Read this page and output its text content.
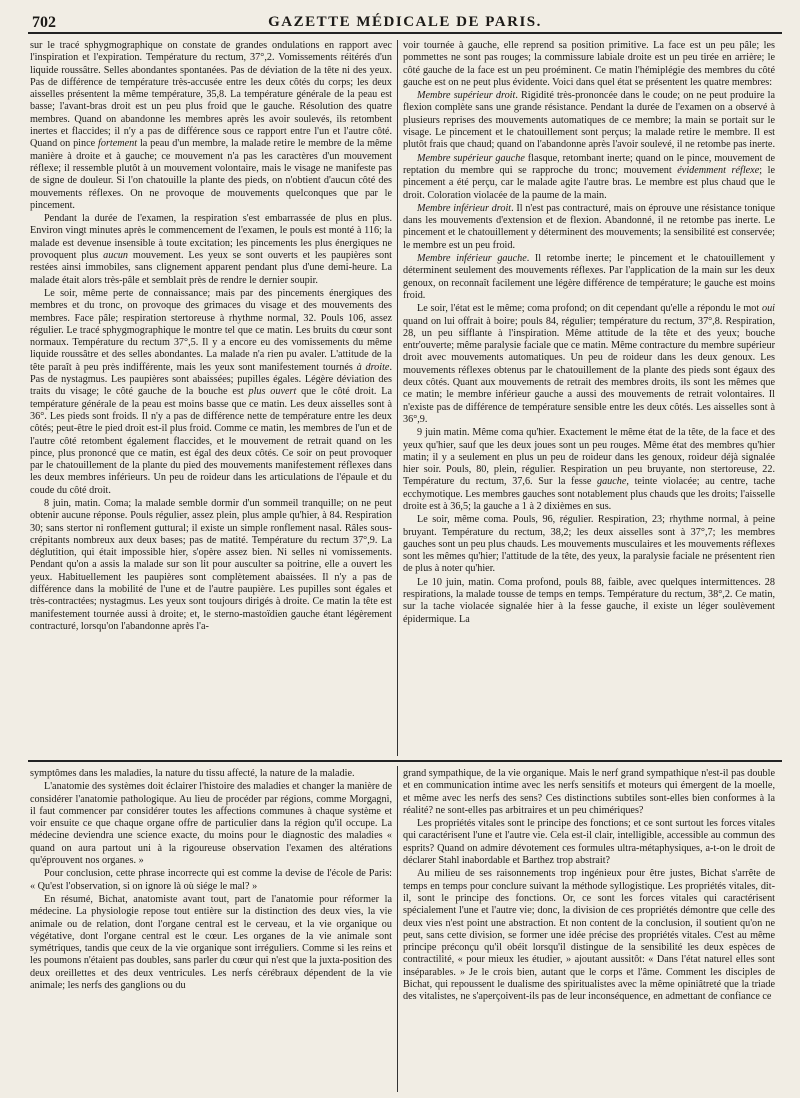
702	GAZETTE MÉDICALE DE PARIS.

sur le tracé sphygmographique on constate de grandes ondulations en rapport avec l'inspiration et l'expiration. Température du rectum, 37°,2. Vomissements réitérés d'un liquide roussâtre. Selles abondantes spontanées. Pas de déviation de la tête ni des yeux. Pas de différence de température très-accusée entre les deux côtés du corps; les deux aisselles présentent la même température, 35,8. La température générale de la peau est basse; l'avant-bras droit est un peu plus froid que le gauche. Résolution des quatre membres. Quand on abandonne les membres après les avoir soulevés, ils retombent inertes et flaccides; il n'y a pas de différence sous ce rapport entre l'un et l'autre côté. Quand on pince fortement la peau d'un membre, la malade retire le membre de la même manière à droite et à gauche; ce mouvement n'a pas les caractères d'un mouvement réflexe; il ressemble plutôt à un mouvement volontaire, mais le visage ne manifeste pas de signe de douleur. Si l'on chatouille la plante des pieds, on n'obtient d'aucun côté des mouvements réflexes. On ne provoque de mouvements quelconques que par le pincement.

Pendant la durée de l'examen, la respiration s'est embarrassée de plus en plus. Environ vingt minutes après le commencement de l'examen, le pouls est monté à 116; la malade est devenue insensible à toute excitation; les pincements les plus énergiques ne provoquent plus aucun mouvement. Les yeux se sont ouverts et les paupières sont restées ainsi immobiles, sans clignement apparent pendant plus d'une demi-heure. La malade était alors très-pâle et semblait près de rendre le dernier soupir.

Le soir, même perte de connaissance; mais par des pincements énergiques des membres et du tronc, on provoque des grimaces du visage et des mouvements des membres. Face pâle; respiration stertoreuse à rhythme normal, 32. Pouls 106, assez régulier. Le tracé sphygmographique le montre tel que ce matin. Les bruits du cœur sont normaux. Température du rectum 37°,5. Il y a encore eu des vomissements du même liquide roussâtre et des selles abondantes. La malade n'a rien pu avaler. L'attitude de la tête paraît à peu près indifférente, mais les yeux sont manifestement tournés à droite. Pas de nystagmus. Les paupières sont abaissées; pupilles égales. Légère déviation des traits du visage; le côté gauche de la bouche est plus ouvert que le côté droit. La température générale de la peau est moins basse que ce matin. Les deux aisselles sont à 36°. Les pieds sont froids. Il n'y a pas de différence nette de température entre les deux côtés; peut-être le pied droit est-il plus froid. Comme ce matin, les membres de l'un et de l'autre côté retombent également flaccides, et le mouvement de retrait quand on les pince, plus prononcé que ce matin, est égal des deux côtés. Ce soir on peut provoquer par le chatouillement de la plante du pied des mouvements manifestement réflexes dans les deux membres inférieurs. Un peu de roideur dans les articulations de l'épaule et du coude du côté droit.

8 juin, matin. Coma; la malade semble dormir d'un sommeil tranquille; on ne peut obtenir aucune réponse. Pouls régulier, assez plein, plus ample qu'hier, à 84. Respiration 30; sans stertor ni ronflement guttural; il existe un simple ronflement nasal. Râles sous-crépitants nombreux aux deux bases; pas de matité. Température du rectum 37°,9. La déglutition, qui était impossible hier, s'opère assez bien. Ni selles ni vomissements. Pendant qu'on a assis la malade sur son lit pour ausculter sa poitrine, elle a ouvert les yeux. Habituellement les paupières sont complètement abaissées. Il n'y a pas de différence dans la mobilité de l'une et de l'autre paupière. Les pupilles sont égales et très-contractées; nystagmus. Les yeux sont toujours dirigés à droite. Ce matin la tête est manifestement tournée aussi à droite; et, le sterno-mastoïdien gauche étant légèrement contracturé, lorsqu'on l'abandonne après l'a-

voir tournée à gauche, elle reprend sa position primitive. La face est un peu pâle; les pommettes ne sont pas rouges; la commissure labiale droite est un peu tirée en arrière; le côté gauche de la face est un peu proéminent. Ce matin l'hémiplégie des membres du côté gauche est on ne peut plus évidente. Voici dans quel état se présentent les quatre membres:

Membre supérieur droit. Rigidité très-prononcée dans le coude; on ne peut produire la flexion complète sans une grande résistance. Pendant la durée de l'examen on a observé à plusieurs reprises des mouvements automatiques de ce membre; la main se portait sur le visage. Le pincement et le chatouillement sont perçus; la malade retire le membre. Il est plutôt frais que chaud; quand on l'abandonne après l'avoir soulevé, il ne retombe pas inerte.

Membre supérieur gauche flasque, retombant inerte; quand on le pince, mouvement de reptation du membre qui se rapproche du tronc; mouvement évidemment réflexe; le pincement a été perçu, car le malade agite l'autre bras. Le membre est plus chaud que le droit. Coloration violacée de la paume de la main.

Membre inférieur droit. Il n'est pas contracturé, mais on éprouve une résistance tonique dans les mouvements d'extension et de flexion. Abandonné, il ne retombe pas inerte. Le pincement et le chatouillement y déterminent des mouvements; la sensibilité est conservée; le membre est un peu froid.

Membre inférieur gauche. Il retombe inerte; le pincement et le chatouillement y déterminent seulement des mouvements réflexes. Par l'application de la main sur les deux genoux, on reconnaît facilement une légère différence de température; le gauche est moins froid.

Le soir, l'état est le même; coma profond; on dit cependant qu'elle a répondu le mot oui quand on lui offrait à boire; pouls 84, régulier; température du rectum, 37°,8. Respiration, 28, un peu sifflante à l'inspiration. Même attitude de la tête et des yeux; bouche entr'ouverte; même paralysie faciale que ce matin. Même contracture du membre supérieur droit avec mouvements automatiques. Un peu de roideur dans les deux genoux. Les mouvements réflexes obtenus par le chatouillement de la plante des pieds sont égaux des deux côtés. Quant aux mouvements de retrait des membres droits, ils sont les mêmes que ce matin; le membre inférieur gauche a aussi des mouvements de retrait volontaires. Il n'existe pas de différence de température sensible entre les deux côtés. Les aisselles sont à 36°,9.

9 juin matin. Même coma qu'hier. Exactement le même état de la tête, de la face et des yeux qu'hier, sauf que les deux joues sont un peu rouges. Même état des membres qu'hier matin; il y a seulement en plus un peu de roideur dans les genoux, roideur déjà signalée hier soir. Pouls, 80, plein, régulier. Respiration un peu bruyante, non stertoreuse, 22. Température du rectum, 37,6. Sur la fesse gauche, teinte violacée; au centre, tache ecchymotique. Les membres gauches sont notablement plus chauds que les droits; l'aisselle droite est à 36,5; la gauche a 1 à 2 dixièmes en sus.

Le soir, même coma. Pouls, 96, régulier. Respiration, 23; rhythme normal, à peine bruyant. Température du rectum, 38,2; les deux aisselles sont à 37°,7; les membres gauches sont un peu plus chauds. Les mouvements musculaires et les mouvements réflexes sont les mêmes qu'hier; l'attitude de la tête, des yeux, la paralysie faciale ne présentent rien de plus à noter qu'hier.

Le 10 juin, matin. Coma profond, pouls 88, faible, avec quelques intermittences. 28 respirations, la malade tousse de temps en temps. Température du rectum, 38°,2. Ce matin, sur la tache violacée signalée hier à la fesse gauche, il existe un léger soulèvement épidermique. La

symptômes dans les maladies, la nature du tissu affecté, la nature de la maladie.

L'anatomie des systèmes doit éclairer l'histoire des maladies et changer la manière de considérer l'anatomie pathologique. Au lieu de procéder par régions, comme Morgagni, il faut commencer par considérer toutes les affections communes à chaque système et voir ensuite ce que chaque organe offre de particulier dans la région qu'il occupe. La médecine deviendra une science exacte, du moins pour le diagnostic des maladies « quand on aura partout uni à la rigoureuse observation l'examen des altérations qu'éprouvent nos organes. »

Pour conclusion, cette phrase incorrecte qui est comme la devise de l'école de Paris: « Qu'est l'observation, si on ignore là où siége le mal? »

En résumé, Bichat, anatomiste avant tout, part de l'anatomie pour réformer la médecine. La physiologie repose tout entière sur la distinction des deux vies, la vie animale ou de relation, dont l'organe central est le cerveau, et la vie organique ou végétative, dont l'organe central est le cœur. Les organes de la vie animale sont symétriques, tandis que ceux de la vie organique sont irréguliers. Comme si les reins et les poumons n'étaient pas doubles, sans parler du cœur qui n'est que la juxta-position des deux oreillettes et des deux ventricules. Les nerfs cérébraux dépendent de la vie animale; les nerfs des ganglions ou du

grand sympathique, de la vie organique. Mais le nerf grand sympathique n'est-il pas double et en communication intime avec les nerfs sensitifs et moteurs qui émergent de la moelle, et même avec les nerfs des sens? Ces distinctions subtiles sont-elles bien conformes à la réalité? ne sont-elles pas arbitraires et un peu chimériques?

Les propriétés vitales sont le principe des fonctions; et ce sont surtout les forces vitales qui caractérisent l'une et l'autre vie. Cela est-il clair, intelligible, accessible au commun des esprits? Quand on admire dévotement ces formules ultra-métaphysiques, a-t-on le droit de déclarer Stahl inabordable et Barthez trop abstrait?

Au milieu de ses raisonnements trop ingénieux pour être justes, Bichat s'arrête de temps en temps pour conclure suivant la méthode syllogistique. Les propriétés vitales, dit-il, sont le principe des fonctions. Or, ce sont les forces vitales qui caractérisent spécialement l'une et l'autre vie; donc, la division de ces propriétés démontre que celle des deux vies n'est point une abstraction. Et non content de la conclusion, il soutient qu'on ne peut, sans cette division, se former une idée précise des propriétés vitales. C'est au même principe préconçu qu'il obéit lorsqu'il distingue de la sensibilité les deux espèces de contractilité, « pour mieux les étudier, » ajoutant aussitôt: « Dans l'état naturel elles sont inséparables. » Je le crois bien, autant que le corps et l'âme. Comment les disciples de Bichat, qui repoussent le dualisme des spiritualistes avec la même opiniâtreté que la triade des vitalistes, ne s'aperçoivent-ils pas de leur inconséquence, en admettant de confiance ce
